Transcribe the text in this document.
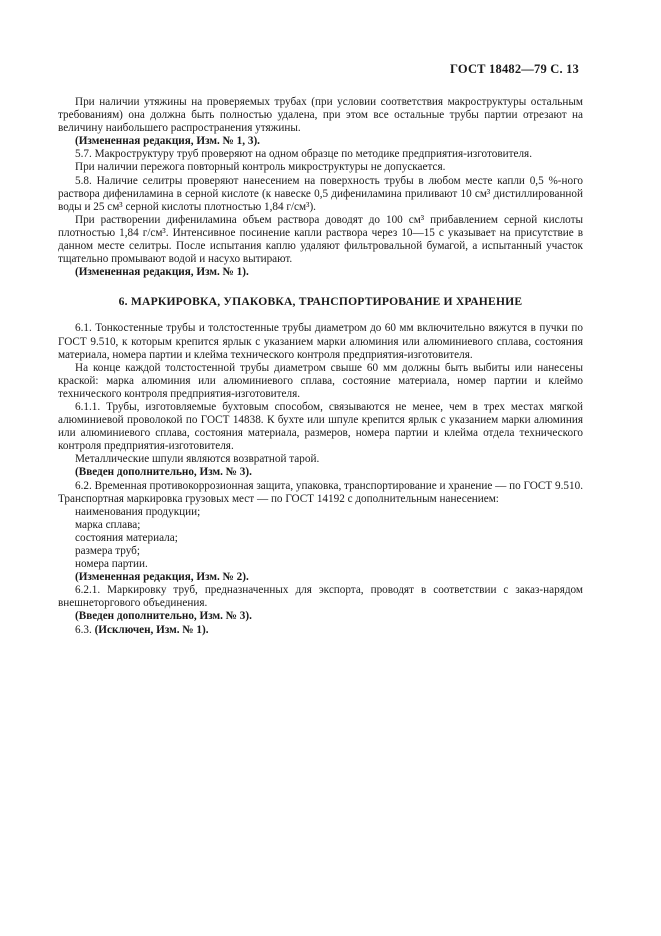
ГОСТ 18482—79 С. 13

При наличии утяжины на проверяемых трубах (при условии соответствия макроструктуры остальным требованиям) она должна быть полностью удалена, при этом все остальные трубы партии отрезают на величину наибольшего распространения утяжины.

(Измененная редакция, Изм. № 1, 3).

5.7. Макроструктуру труб проверяют на одном образце по методике предприятия-изготовителя.

При наличии пережога повторный контроль микроструктуры не допускается.

5.8. Наличие селитры проверяют нанесением на поверхность трубы в любом месте капли 0,5 %-ного раствора дифениламина в серной кислоте (к навеске 0,5 дифениламина приливают 10 см³ дистиллированной воды и 25 см³ серной кислоты плотностью 1,84 г/см³).

При растворении дифениламина объем раствора доводят до 100 см³ прибавлением серной кислоты плотностью 1,84 г/см³. Интенсивное посинение капли раствора через 10—15 с указывает на присутствие в данном месте селитры. После испытания каплю удаляют фильтровальной бумагой, а испытанный участок тщательно промывают водой и насухо вытирают.

(Измененная редакция, Изм. № 1).

6. МАРКИРОВКА, УПАКОВКА, ТРАНСПОРТИРОВАНИЕ И ХРАНЕНИЕ

6.1. Тонкостенные трубы и толстостенные трубы диаметром до 60 мм включительно вяжутся в пучки по ГОСТ 9.510, к которым крепится ярлык с указанием марки алюминия или алюминиевого сплава, состояния материала, номера партии и клейма технического контроля предприятия-изготовителя.

На конце каждой толстостенной трубы диаметром свыше 60 мм должны быть выбиты или нанесены краской: марка алюминия или алюминиевого сплава, состояние материала, номер партии и клеймо технического контроля предприятия-изготовителя.

6.1.1. Трубы, изготовляемые бухтовым способом, связываются не менее, чем в трех местах мягкой алюминиевой проволокой по ГОСТ 14838. К бухте или шпуле крепится ярлык с указанием марки алюминия или алюминиевого сплава, состояния материала, размеров, номера партии и клейма отдела технического контроля предприятия-изготовителя.

Металлические шпули являются возвратной тарой.

(Введен дополнительно, Изм. № 3).

6.2. Временная противокоррозионная защита, упаковка, транспортирование и хранение — по ГОСТ 9.510. Транспортная маркировка грузовых мест — по ГОСТ 14192 с дополнительным нанесением:

наименования продукции;

марка сплава;

состояния материала;

размера труб;

номера партии.

(Измененная редакция, Изм. № 2).

6.2.1. Маркировку труб, предназначенных для экспорта, проводят в соответствии с заказ-нарядом внешнеторгового объединения.

(Введен дополнительно, Изм. № 3).

6.3. (Исключен, Изм. № 1).
